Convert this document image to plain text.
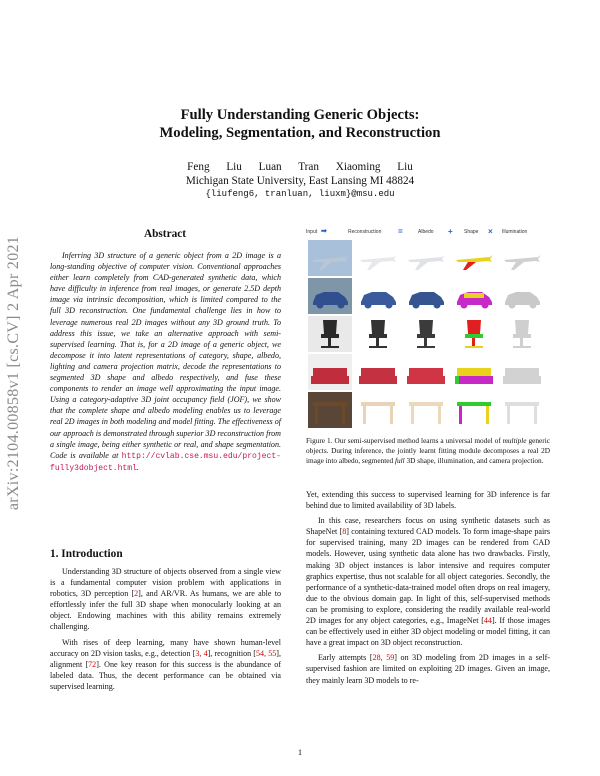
arXiv:2104.00858v1 [cs.CV] 2 Apr 2021
Fully Understanding Generic Objects:
Modeling, Segmentation, and Reconstruction
Feng Liu Luan Tran Xiaoming Liu
Michigan State University, East Lansing MI 48824
{liufeng6, tranluan, liuxm}@msu.edu
Abstract

Inferring 3D structure of a generic object from a 2D image is a long-standing objective of computer vision. Conventional approaches either learn completely from CAD-generated synthetic data, which have difficulty in inference from real images, or generate 2.5D depth image via intrinsic decomposition, which is limited compared to the full 3D reconstruction. One fundamental challenge lies in how to leverage numerous real 2D images without any 3D ground truth. To address this issue, we take an alternative approach with semi-supervised learning. That is, for a 2D image of a generic object, we decompose it into latent representations of category, shape, albedo, lighting and camera projection matrix, decode the representations to segmented 3D shape and albedo respectively, and fuse these components to render an image well approximating the input image. Using a category-adaptive 3D joint occupancy field (JOF), we show that the complete shape and albedo modeling enables us to leverage real 2D images in both modeling and model fitting. The effectiveness of our approach is demonstrated through superior 3D reconstruction from a single image, being either synthetic or real, and shape segmentation. Code is available at http://cvlab.cse.msu.edu/project-fully3dobject.html.

1. Introduction

Understanding 3D structure of objects observed from a single view is a fundamental computer vision problem with applications in robotics, 3D perception [2], and AR/VR. As humans, we are able to effortlessly infer the full 3D shape when monocularly looking at an object. Endowing machines with this ability remains extremely challenging.

With rises of deep learning, many have shown human-level accuracy on 2D vision tasks, e.g., detection [3, 4], recognition [54, 55], alignment [72]. One key reason for this success is the abundance of labeled data. Thus, the decent performance can be obtained via supervised learning.

Input ➡	Reconstruction =	Albedo + Shape × Illumination

Figure 1. Our semi-supervised method learns a universal model of multiple generic objects. During inference, the jointly learnt fitting module decomposes a real 2D image into albedo, segmented full 3D shape, illumination, and camera projection.

Yet, extending this success to supervised learning for 3D inference is far behind due to limited availability of 3D labels.

In this case, researchers focus on using synthetic datasets such as ShapeNet [8] containing textured CAD models. To form image-shape pairs for supervised training, many 2D images can be rendered from CAD models. However, using synthetic data alone has two drawbacks. Firstly, making 3D object instances is labor intensive and requires computer graphics expertise, thus not scalable for all object categories. Secondly, the performance of a synthetic-data-trained model often drops on real imagery, due to the obvious domain gap. In light of this, self-supervised methods can be promising to explore, considering the readily available real-world 2D images for any object categories, e.g., ImageNet [44]. If those images can be effectively used in either 3D object modeling or model fitting, it can have a great impact on 3D object reconstruction.

Early attempts [28, 59] on 3D modeling from 2D images in a self-supervised fashion are limited on exploiting 2D images. Given an image, they mainly learn 3D models to re-

1
